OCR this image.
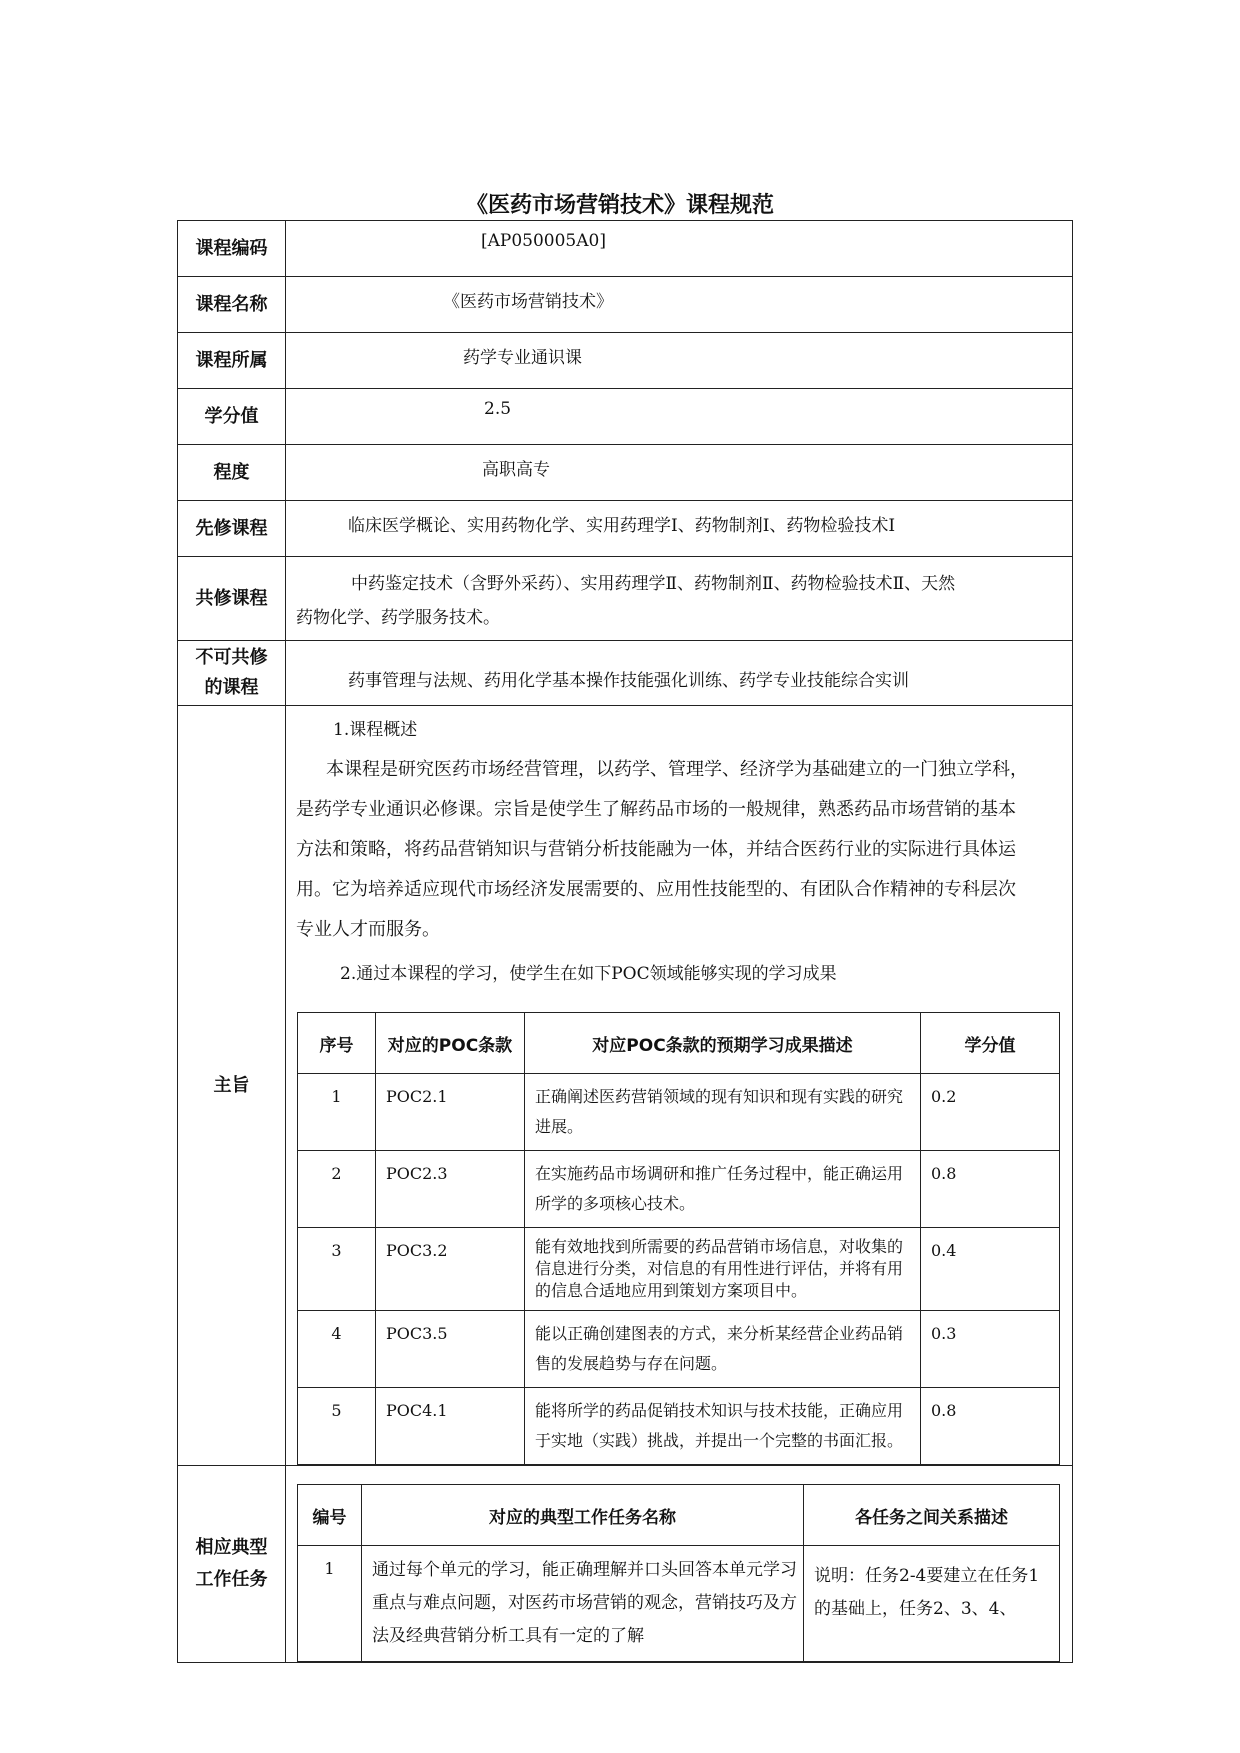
《医药市场营销技术》课程规范
课程编码	[AP050005A0]
课程名称	《医药市场营销技术》
课程所属	药学专业通识课
学分值	2.5
程度	高职高专
先修课程	临床医学概论、实用药物化学、实用药理学Ⅰ、药物制剂Ⅰ、药物检验技术Ⅰ
共修课程	
中药鉴定技术（含野外采药）、实用药理学Ⅱ、药物制剂Ⅱ、药物检验技术Ⅱ、天然
药物化学、药学服务技术。

不可共修
的课程	药事管理与法规、药用化学基本操作技能强化训练、药学专业技能综合实训
主旨	

1.课程概述

本课程是研究医药市场经营管理，以药学、管理学、经济学为基础建立的一门独立学科，

是药学专业通识必修课。宗旨是使学生了解药品市场的一般规律，熟悉药品市场营销的基本

方法和策略，将药品营销知识与营销分析技能融为一体，并结合医药行业的实际进行具体运

用。它为培养适应现代市场经济发展需要的、应用性技能型的、有团队合作精神的专科层次

专业人才而服务。

2.通过本课程的学习，使学生在如下POC领域能够实现的学习成果

序号	对应的POC条款	对应POC条款的预期学习成果描述	学分值
1	POC2.1	正确阐述医药营销领域的现有知识和现有实践的研究进展。	0.2
2	POC2.3	在实施药品市场调研和推广任务过程中，能正确运用所学的多项核心技术。	0.8
3	POC3.2	能有效地找到所需要的药品营销市场信息，对收集的信息进行分类，对信息的有用性进行评估，并将有用的信息合适地应用到策划方案项目中。	0.4
4	POC3.5	能以正确创建图表的方式，来分析某经营企业药品销售的发展趋势与存在问题。	0.3
5	POC4.1	能将所学的药品促销技术知识与技术技能，正确应用于实地（实践）挑战，并提出一个完整的书面汇报。	0.8

相应典型
工作任务

编号	对应的典型工作任务名称	各任务之间关系描述
1	通过每个单元的学习，能正确理解并口头回答本单元学习重点与难点问题，对医药市场营销的观念，营销技巧及方法及经典营销分析工具有一定的了解	说明：任务2-4要建立在任务1的基础上，任务2、3、4、
